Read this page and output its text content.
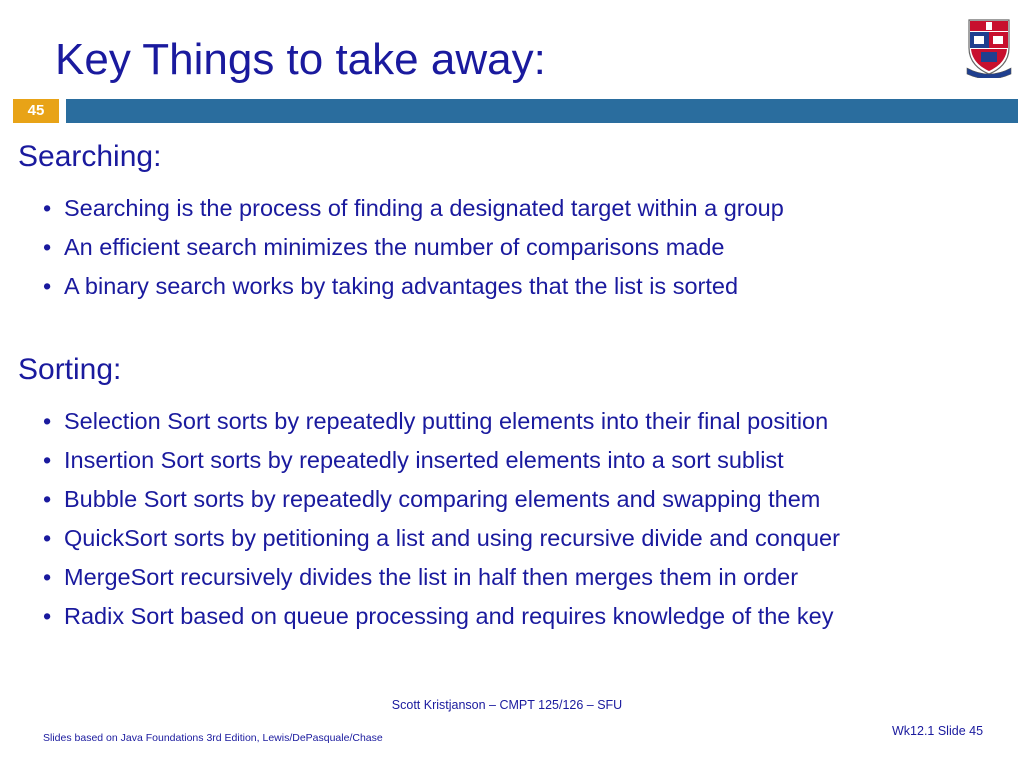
Key Things to take away:
45
Searching:
• Searching is the process of finding a designated target within a group
• An efficient search minimizes the number of comparisons made
• A binary search works by taking advantages that the list is sorted
Sorting:
• Selection Sort sorts by repeatedly putting elements into their final position
• Insertion Sort sorts by repeatedly inserted elements into a sort sublist
• Bubble Sort sorts by repeatedly comparing elements and swapping them
• QuickSort sorts by petitioning a list and using recursive divide and conquer
• MergeSort recursively divides the list in half then merges them in order
• Radix Sort based on queue processing and requires knowledge of the key
Scott Kristjanson – CMPT 125/126 – SFU
Slides based on Java Foundations 3rd Edition, Lewis/DePasquale/Chase	Wk12.1 Slide 45
